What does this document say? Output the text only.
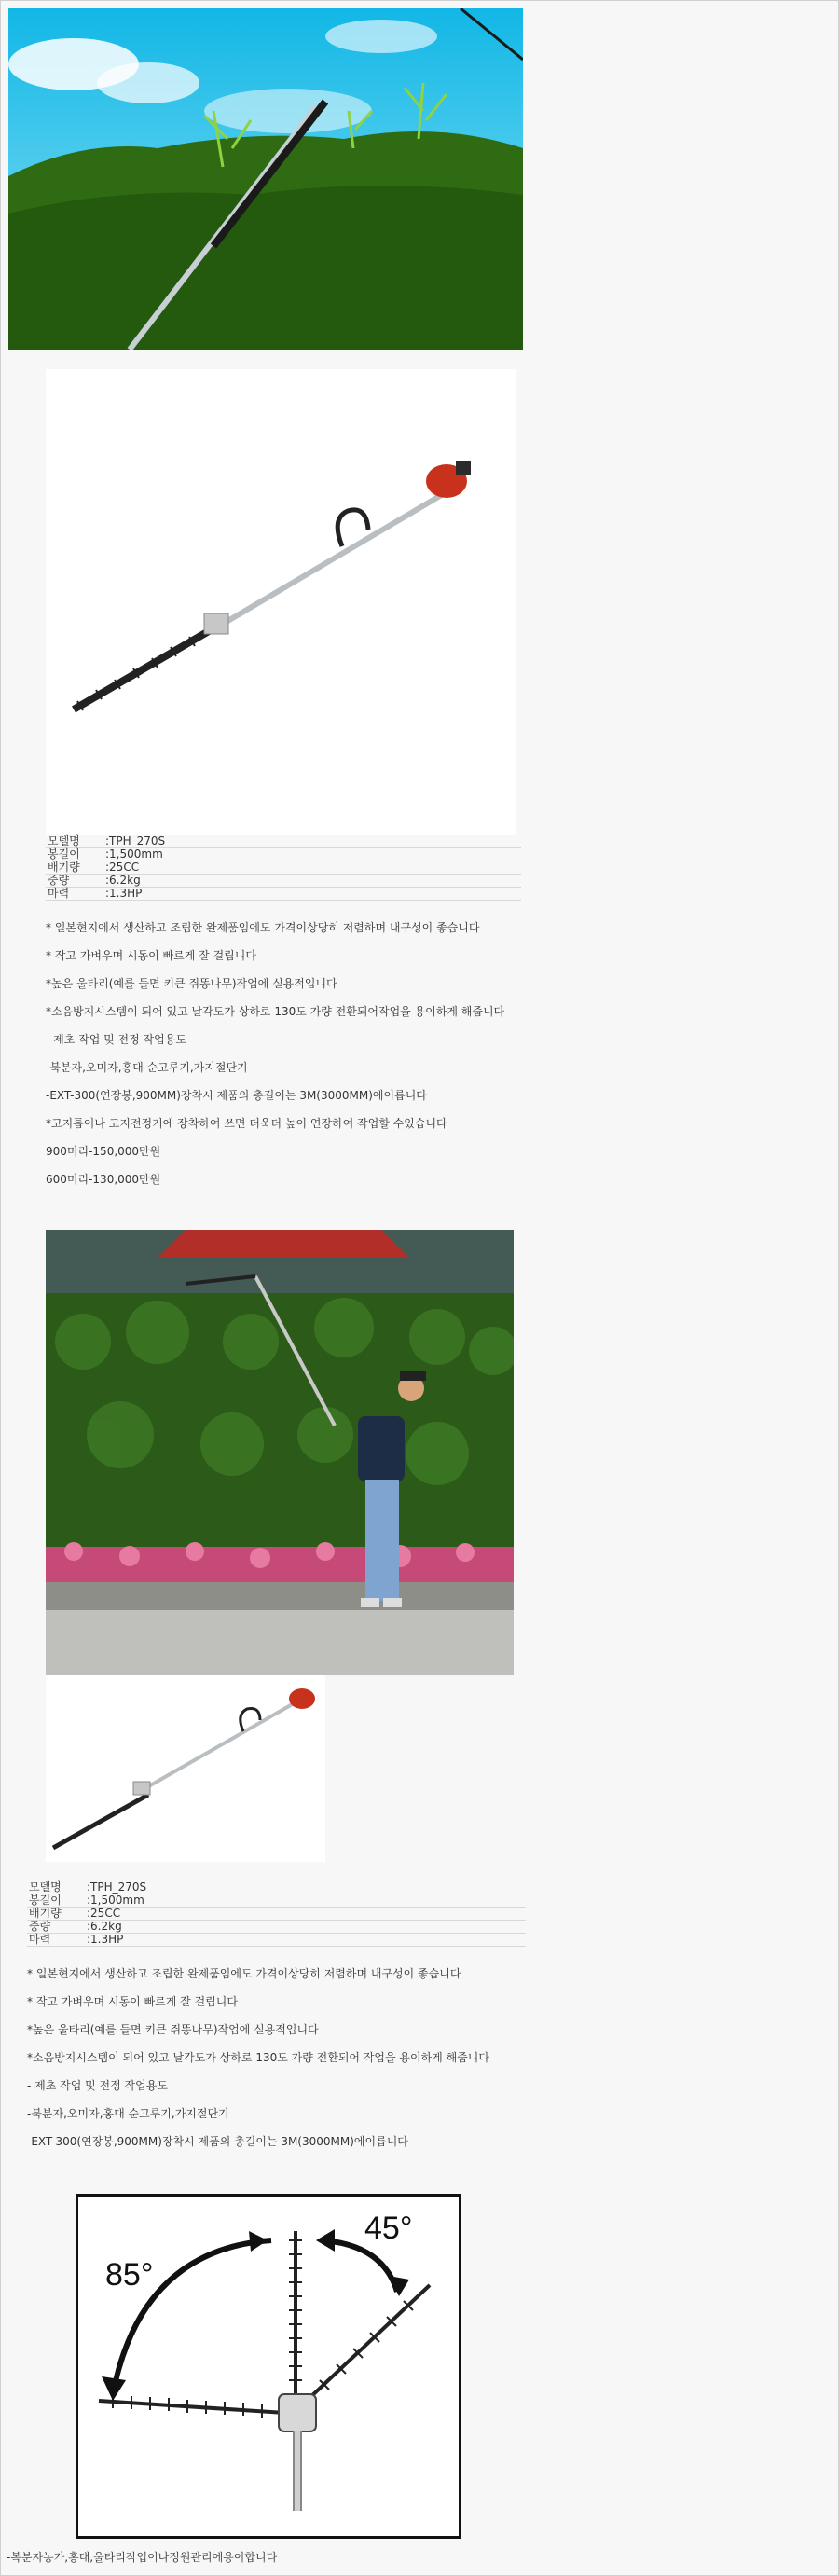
모델명	:TPH_270S
봉길이	:1,500mm
배기량	:25CC
중량	:6.2kg
마력	:1.3HP
* 일본현지에서 생산하고 조립한 완제품임에도 가격이상당히 저렴하며 내구성이 좋습니다
* 작고 가벼우며 시동이 빠르게 잘 걸립니다
*높은 울타리(예를 들면 키큰 쥐똥나무)작업에 실용적입니다
*소음방지시스템이 되어 있고 날각도가 상하로 130도 가량 전환되어작업을 용이하게 해줍니다
- 제초 작업 및 전정 작업용도
-북분자,오미자,홍대 순고루기,가지절단기
-EXT-300(연장봉,900MM)장착시 제품의 총길이는 3M(3000MM)에이릅니다
*고지톱이나 고지전정기에 장착하여 쓰면 더욱더 높이 연장하여 작업할 수있습니다
900미리-150,000만원
600미리-130,000만원
모델명	:TPH_270S
봉길이	:1,500mm
배기량	:25CC
중량	:6.2kg
마력	:1.3HP
* 일본현지에서 생산하고 조립한 완제품임에도 가격이상당히 저렴하며 내구성이 좋습니다
* 작고 가벼우며 시동이 빠르게 잘 걸립니다
*높은 울타리(예를 들면 키큰 쥐똥나무)작업에 실용적입니다
*소음방지시스템이 되어 있고 날각도가 상하로 130도 가량 전환되어 작업을 용이하게 해줍니다
- 제초 작업 및 전정 작업용도
-북분자,오미자,홍대 순고루기,가지절단기
-EXT-300(연장봉,900MM)장착시 제품의 총길이는 3M(3000MM)에이릅니다
85°
45°
-복분자농가,홍대,울타리작업이나정원관리에용이합니다
